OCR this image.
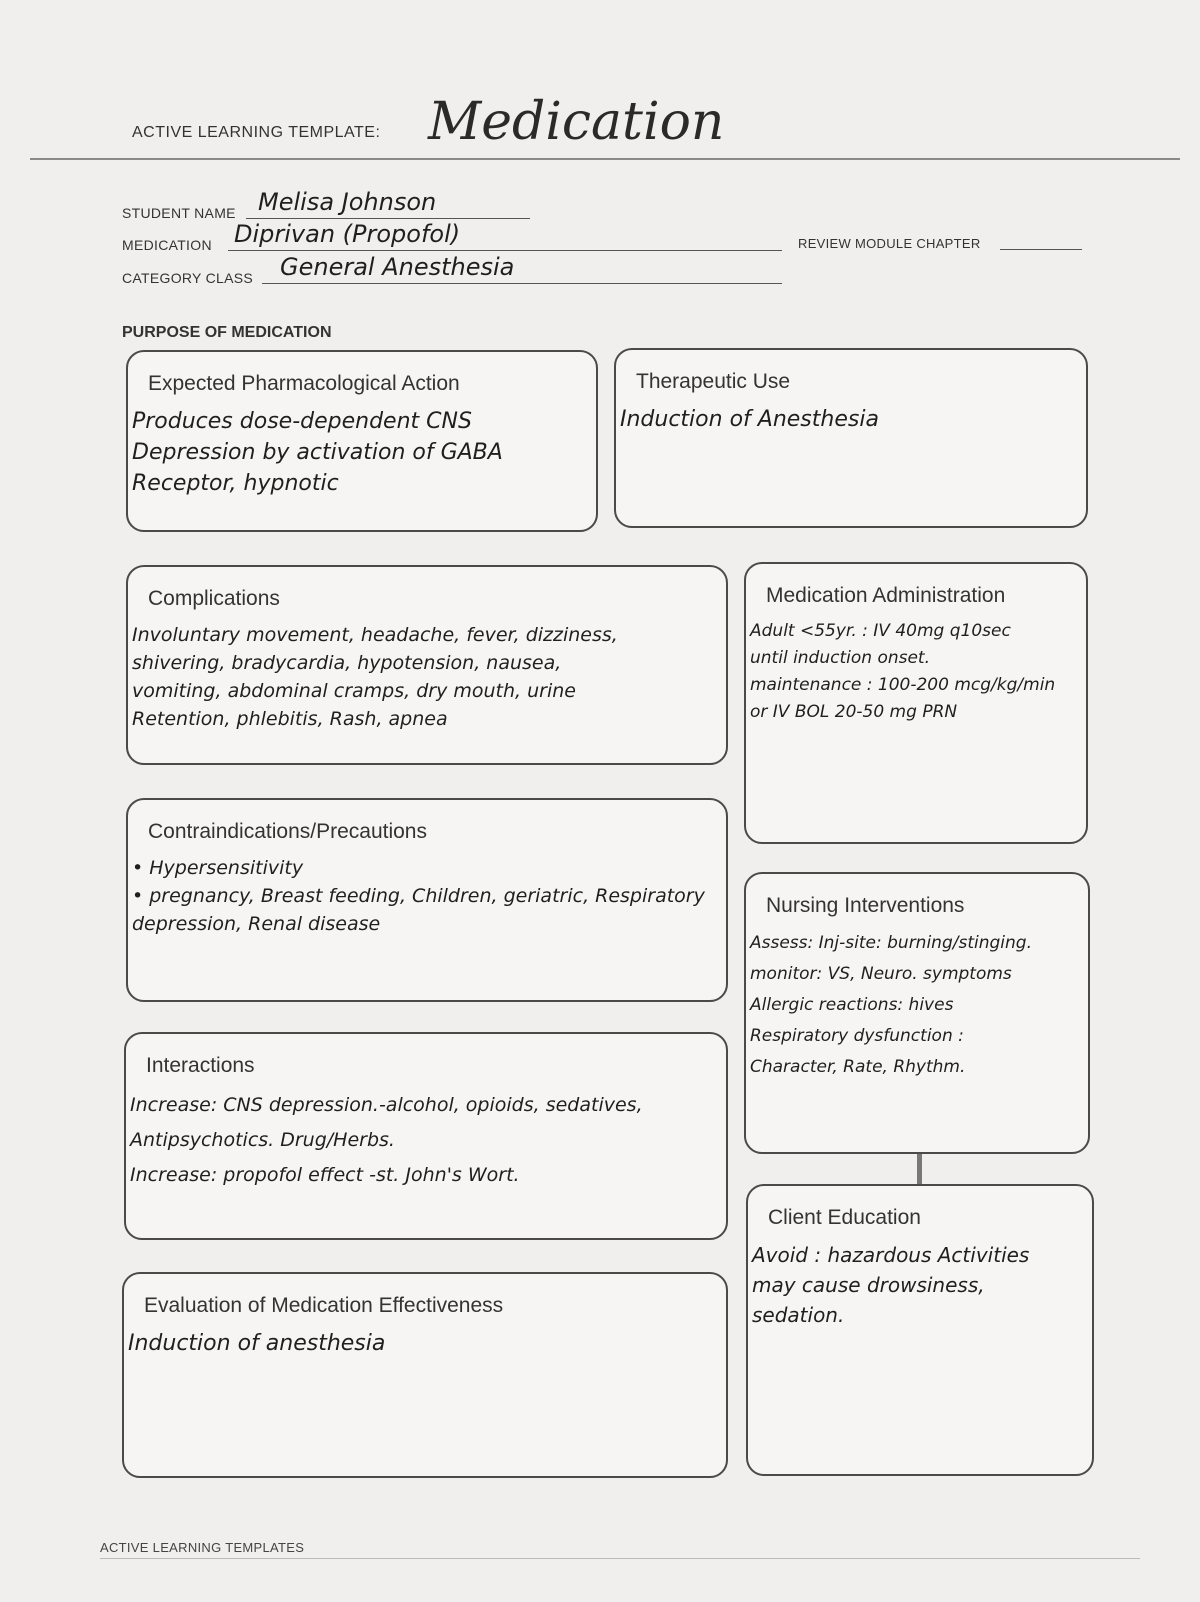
ACTIVE LEARNING TEMPLATE: Medication
STUDENT NAME Melisa Johnson
MEDICATION Diprivan (Propofol)	REVIEW MODULE CHAPTER
CATEGORY CLASS General Anesthesia
PURPOSE OF MEDICATION
Expected Pharmacological Action
Produces dose-dependent CNS
Depression by activation of GABA
Receptor, hypnotic
Therapeutic Use
Induction of Anesthesia
Complications
Involuntary movement, headache, fever, dizziness,
shivering, bradycardia, hypotension, nausea,
vomiting, abdominal cramps, dry mouth, urine
Retention, phlebitis, Rash, apnea
Medication Administration
Adult <55yr. : IV 40mg q10sec
until induction onset.
maintenance : 100-200 mcg/kg/min
or IV BOL 20-50 mg PRN
Contraindications/Precautions
• Hypersensitivity
• pregnancy, Breast feeding, Children, geriatric, Respiratory
depression, Renal disease
Nursing Interventions
Assess: Inj-site: burning/stinging.
monitor: VS, Neuro. symptoms
Allergic reactions: hives
Respiratory dysfunction :
Character, Rate, Rhythm.
Interactions
Increase: CNS depression.-alcohol, opioids, sedatives,
Antipsychotics. Drug/Herbs.
Increase: propofol effect -st. John's Wort.
Client Education
Avoid : hazardous Activities
may cause drowsiness,
sedation.
Evaluation of Medication Effectiveness
Induction of anesthesia
ACTIVE LEARNING TEMPLATES
